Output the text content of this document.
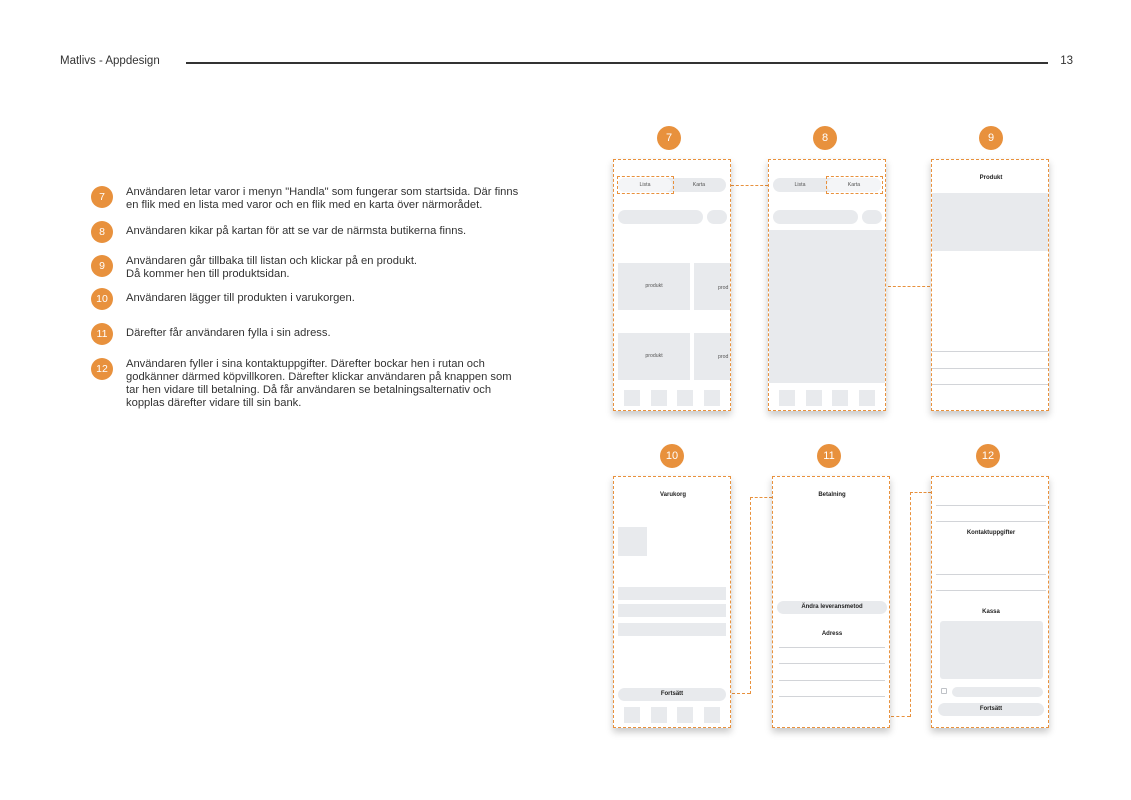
Matlivs - Appdesign	13
7	Användaren letar varor i menyn "Handla" som fungerar som startsida. Där finns
en flik med en lista med varor och en flik med en karta över närmorådet.
8	Användaren kikar på kartan för att se var de närmsta butikerna finns.
9	Användaren går tillbaka till listan och klickar på en produkt.
Då kommer hen till produktsidan.
10	Användaren lägger till produkten i varukorgen.
11	Därefter får användaren fylla i sin adress.
12	Användaren fyller i sina kontaktuppgifter. Därefter bockar hen i rutan och
godkänner därmed köpvillkoren. Därefter klickar användaren på knappen som
tar hen vidare till betalning. Då får användaren se betalningsalternativ och
kopplas därefter vidare till sin bank.
7	8	9
10	11	12
Lista	Karta
produkt	prod
produkt	prod
Lista	Karta
Produkt
Varukorg
Fortsätt
Betalning
Ändra leveransmetod
Adress
Kontaktuppgifter
Kassa
Fortsätt
